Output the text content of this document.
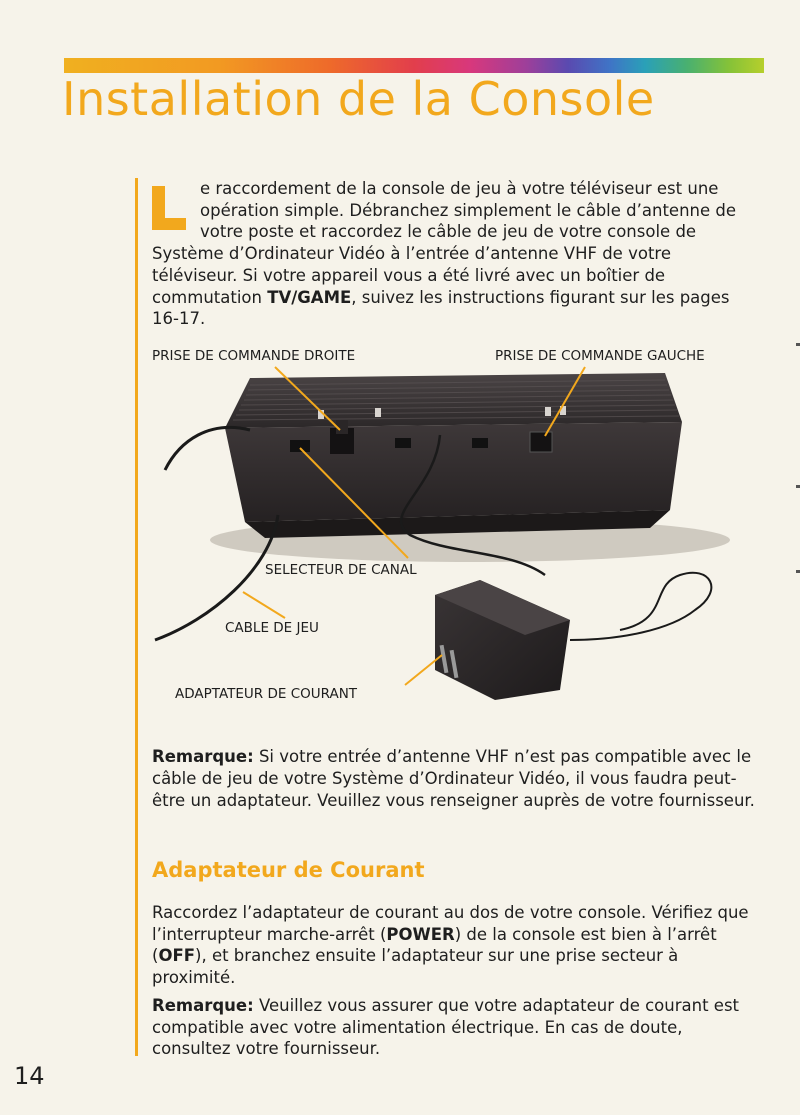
Installation de la Console

e raccordement de la console de jeu à votre téléviseur est une opération simple. Débranchez simplement le câble d’antenne de votre poste et raccordez le câble de jeu de votre console de Système d’Ordinateur Vidéo à l’entrée d’antenne VHF de votre téléviseur. Si votre appareil vous a été livré avec un boîtier de commutation TV/GAME, suivez les instructions figurant sur les pages 16-17.

PRISE DE COMMANDE DROITE	PRISE DE COMMANDE GAUCHE
SELECTEUR DE CANAL
CABLE DE JEU
ADAPTATEUR DE COURANT

Remarque: Si votre entrée d’antenne VHF n’est pas compatible avec le câble de jeu de votre Système d’Ordinateur Vidéo, il vous faudra peut-être un adaptateur. Veuillez vous renseigner auprès de votre fournisseur.

Adaptateur de Courant

Raccordez l’adaptateur de courant au dos de votre console. Vérifiez que l’interrupteur marche-arrêt (POWER) de la console est bien à l’arrêt (OFF), et branchez ensuite l’adaptateur sur une prise secteur à proximité.

Remarque: Veuillez vous assurer que votre adaptateur de courant est compatible avec votre alimentation électrique. En cas de doute, consultez votre fournisseur.

14
